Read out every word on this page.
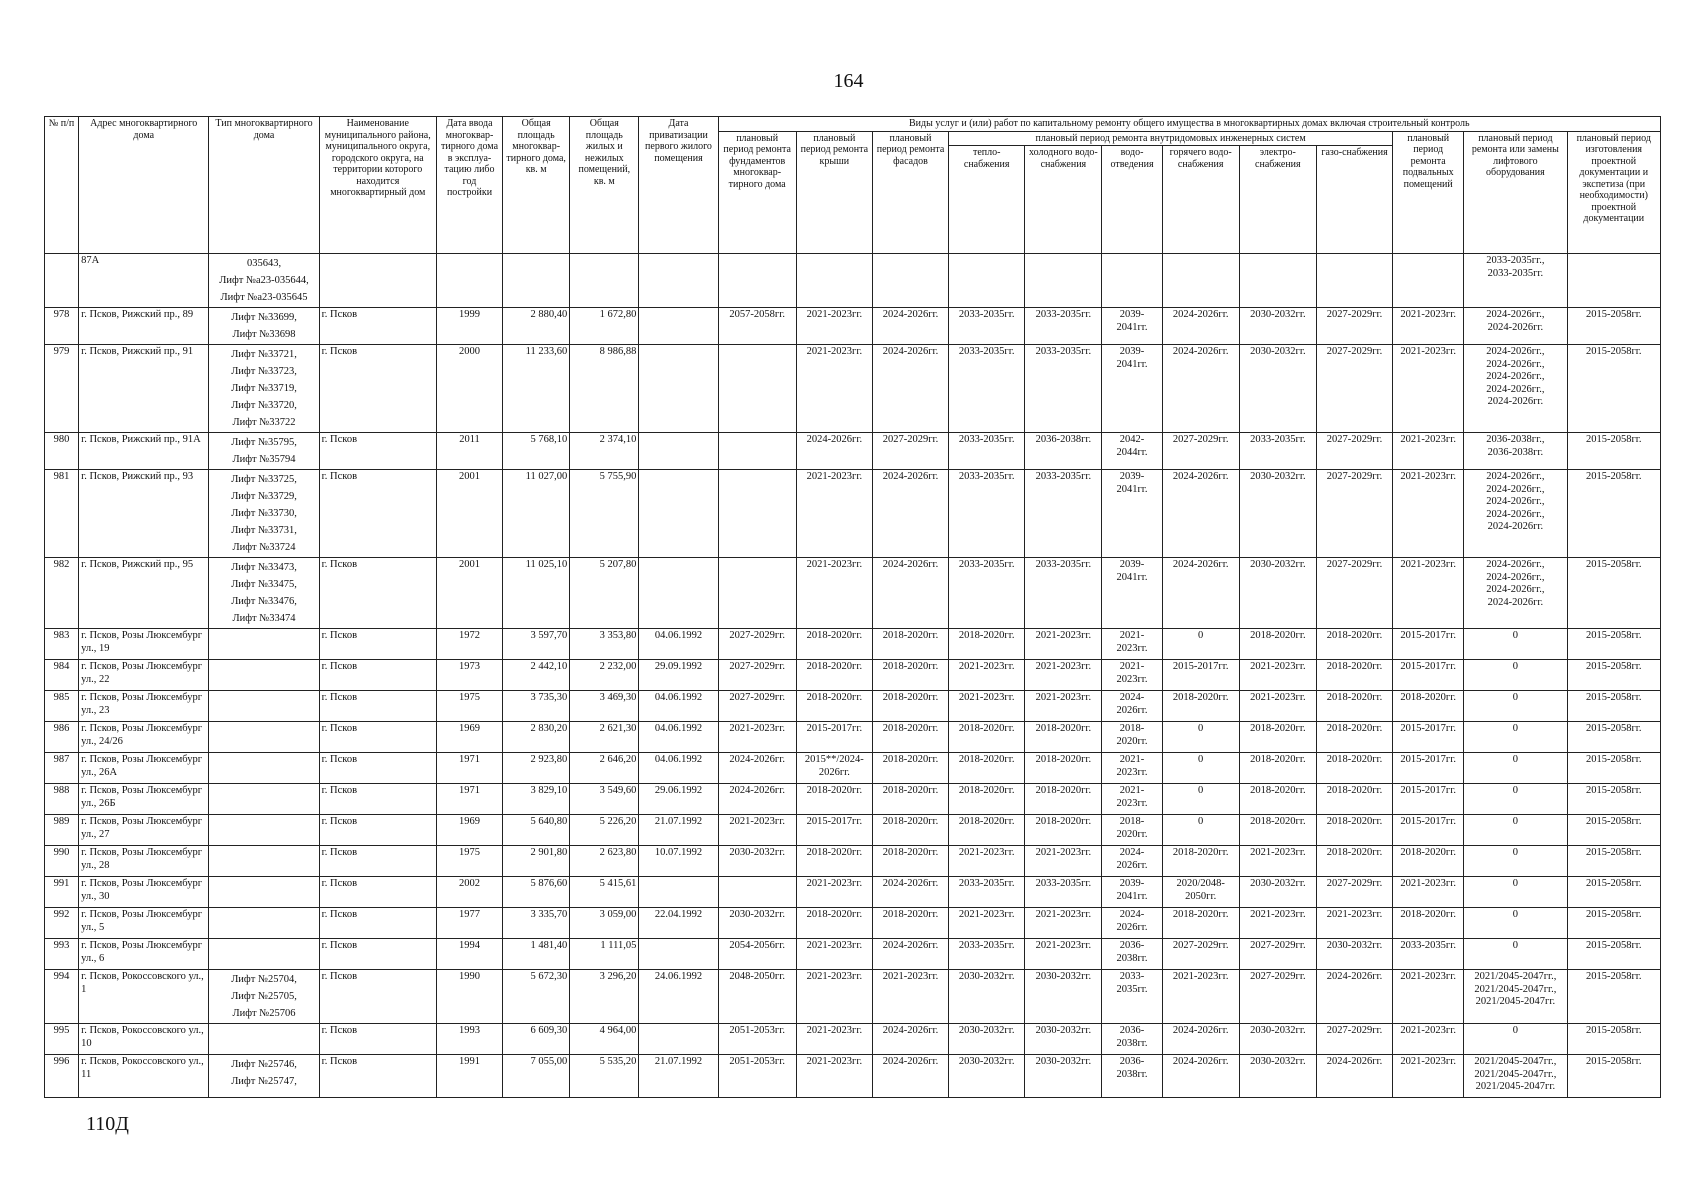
164
№ п/п	Адрес многоквартирного дома	Тип многоквартирного дома	Наименование муниципального района, муниципального округа, городского округа, на территории которого находится многоквартирный дом	Дата ввода многоквар-тирного дома в эксплуа-тацию либо год постройки	Общая площадь многоквар-тирного дома, кв. м	Общая площадь жилых и нежилых помещений, кв. м	Дата приватизации первого жилого помещения	Виды услуг и (или) работ по капитальному ремонту общего имущества в многоквартирных домах включая строительный контроль											
								плановый период ремонта фундаментов многоквар-тирного дома	плановый период ремонта крыши	плановый период ремонта фасадов	плановый период ремонта внутридомовых инженерных систем						плановый период ремонта подвальных помещений	плановый период ремонта или замены лифтового оборудования	плановый период изготовления проектной документации и экспетиза (при необходимости) проектной документации
											тепло-снабжения	холодного водо-снабжения	водо-отведения	горячего водо-снабжения	электро-снабжения	газо-снабжения			
	87А	035643,
Лифт №а23-035644,
Лифт №а23-035645																2033-2035гг.,
2033-2035гг.	

978	г. Псков, Рижский пр., 89	Лифт №33699,
Лифт №33698	г. Псков	1999	2 880,40	1 672,80		2057-2058гг.	2021-2023гг.	2024-2026гг.	2033-2035гг.	2033-2035гг.	2039-2041гг.	2024-2026гг.	2030-2032гг.	2027-2029гг.	2021-2023гг.	2024-2026гг.,
2024-2026гг.	2015-2058гг.
979	г. Псков, Рижский пр., 91	Лифт №33721,
Лифт №33723,
Лифт №33719,
Лифт №33720,
Лифт №33722	г. Псков	2000	11 233,60	8 986,88			2021-2023гг.	2024-2026гг.	2033-2035гг.	2033-2035гг.	2039-2041гг.	2024-2026гг.	2030-2032гг.	2027-2029гг.	2021-2023гг.	2024-2026гг.,
2024-2026гг.,
2024-2026гг.,
2024-2026гг.,
2024-2026гг.	2015-2058гг.
980	г. Псков, Рижский пр., 91А	Лифт №35795,
Лифт №35794	г. Псков	2011	5 768,10	2 374,10			2024-2026гг.	2027-2029гг.	2033-2035гг.	2036-2038гг.	2042-2044гг.	2027-2029гг.	2033-2035гг.	2027-2029гг.	2021-2023гг.	2036-2038гг.,
2036-2038гг.	2015-2058гг.
981	г. Псков, Рижский пр., 93	Лифт №33725,
Лифт №33729,
Лифт №33730,
Лифт №33731,
Лифт №33724	г. Псков	2001	11 027,00	5 755,90			2021-2023гг.	2024-2026гг.	2033-2035гг.	2033-2035гг.	2039-2041гг.	2024-2026гг.	2030-2032гг.	2027-2029гг.	2021-2023гг.	2024-2026гг.,
2024-2026гг.,
2024-2026гг.,
2024-2026гг.,
2024-2026гг.	2015-2058гг.
982	г. Псков, Рижский пр., 95	Лифт №33473,
Лифт №33475,
Лифт №33476,
Лифт №33474	г. Псков	2001	11 025,10	5 207,80			2021-2023гг.	2024-2026гг.	2033-2035гг.	2033-2035гг.	2039-2041гг.	2024-2026гг.	2030-2032гг.	2027-2029гг.	2021-2023гг.	2024-2026гг.,
2024-2026гг.,
2024-2026гг.,
2024-2026гг.	2015-2058гг.
983	г. Псков, Розы Люксембург ул., 19		г. Псков	1972	3 597,70	3 353,80	04.06.1992	2027-2029гг.	2018-2020гг.	2018-2020гг.	2018-2020гг.	2021-2023гг.	2021-2023гг.	0	2018-2020гг.	2018-2020гг.	2015-2017гг.	0	2015-2058гг.
984	г. Псков, Розы Люксембург ул., 22		г. Псков	1973	2 442,10	2 232,00	29.09.1992	2027-2029гг.	2018-2020гг.	2018-2020гг.	2021-2023гг.	2021-2023гг.	2021-2023гг.	2015-2017гг.	2021-2023гг.	2018-2020гг.	2015-2017гг.	0	2015-2058гг.
985	г. Псков, Розы Люксембург ул., 23		г. Псков	1975	3 735,30	3 469,30	04.06.1992	2027-2029гг.	2018-2020гг.	2018-2020гг.	2021-2023гг.	2021-2023гг.	2024-2026гг.	2018-2020гг.	2021-2023гг.	2018-2020гг.	2018-2020гг.	0	2015-2058гг.
986	г. Псков, Розы Люксембург ул., 24/26		г. Псков	1969	2 830,20	2 621,30	04.06.1992	2021-2023гг.	2015-2017гг.	2018-2020гг.	2018-2020гг.	2018-2020гг.	2018-2020гг.	0	2018-2020гг.	2018-2020гг.	2015-2017гг.	0	2015-2058гг.
987	г. Псков, Розы Люксембург ул., 26А		г. Псков	1971	2 923,80	2 646,20	04.06.1992	2024-2026гг.	2015**/2024-2026гг.	2018-2020гг.	2018-2020гг.	2018-2020гг.	2021-2023гг.	0	2018-2020гг.	2018-2020гг.	2015-2017гг.	0	2015-2058гг.
988	г. Псков, Розы Люксембург ул., 26Б		г. Псков	1971	3 829,10	3 549,60	29.06.1992	2024-2026гг.	2018-2020гг.	2018-2020гг.	2018-2020гг.	2018-2020гг.	2021-2023гг.	0	2018-2020гг.	2018-2020гг.	2015-2017гг.	0	2015-2058гг.
989	г. Псков, Розы Люксембург ул., 27		г. Псков	1969	5 640,80	5 226,20	21.07.1992	2021-2023гг.	2015-2017гг.	2018-2020гг.	2018-2020гг.	2018-2020гг.	2018-2020гг.	0	2018-2020гг.	2018-2020гг.	2015-2017гг.	0	2015-2058гг.
990	г. Псков, Розы Люксембург ул., 28		г. Псков	1975	2 901,80	2 623,80	10.07.1992	2030-2032гг.	2018-2020гг.	2018-2020гг.	2021-2023гг.	2021-2023гг.	2024-2026гг.	2018-2020гг.	2021-2023гг.	2018-2020гг.	2018-2020гг.	0	2015-2058гг.
991	г. Псков, Розы Люксембург ул., 30		г. Псков	2002	5 876,60	5 415,61			2021-2023гг.	2024-2026гг.	2033-2035гг.	2033-2035гг.	2039-2041гг.	2020/2048-2050гг.	2030-2032гг.	2027-2029гг.	2021-2023гг.	0	2015-2058гг.
992	г. Псков, Розы Люксембург ул., 5		г. Псков	1977	3 335,70	3 059,00	22.04.1992	2030-2032гг.	2018-2020гг.	2018-2020гг.	2021-2023гг.	2021-2023гг.	2024-2026гг.	2018-2020гг.	2021-2023гг.	2021-2023гг.	2018-2020гг.	0	2015-2058гг.
993	г. Псков, Розы Люксембург ул., 6		г. Псков	1994	1 481,40	1 111,05		2054-2056гг.	2021-2023гг.	2024-2026гг.	2033-2035гг.	2021-2023гг.	2036-2038гг.	2027-2029гг.	2027-2029гг.	2030-2032гг.	2033-2035гг.	0	2015-2058гг.
994	г. Псков, Рокоссовского ул., 1	Лифт №25704,
Лифт №25705,
Лифт №25706	г. Псков	1990	5 672,30	3 296,20	24.06.1992	2048-2050гг.	2021-2023гг.	2021-2023гг.	2030-2032гг.	2030-2032гг.	2033-2035гг.	2021-2023гг.	2027-2029гг.	2024-2026гг.	2021-2023гг.	2021/2045-2047гг.,
2021/2045-2047гг.,
2021/2045-2047гг.	2015-2058гг.
995	г. Псков, Рокоссовского ул., 10		г. Псков	1993	6 609,30	4 964,00		2051-2053гг.	2021-2023гг.	2024-2026гг.	2030-2032гг.	2030-2032гг.	2036-2038гг.	2024-2026гг.	2030-2032гг.	2027-2029гг.	2021-2023гг.	0	2015-2058гг.
996	г. Псков, Рокоссовского ул., 11	Лифт №25746,
Лифт №25747,	г. Псков	1991	7 055,00	5 535,20	21.07.1992	2051-2053гг.	2021-2023гг.	2024-2026гг.	2030-2032гг.	2030-2032гг.	2036-2038гг.	2024-2026гг.	2030-2032гг.	2024-2026гг.	2021-2023гг.	2021/2045-2047гг.,
2021/2045-2047гг.,
2021/2045-2047гг.	2015-2058гг.
110Д
